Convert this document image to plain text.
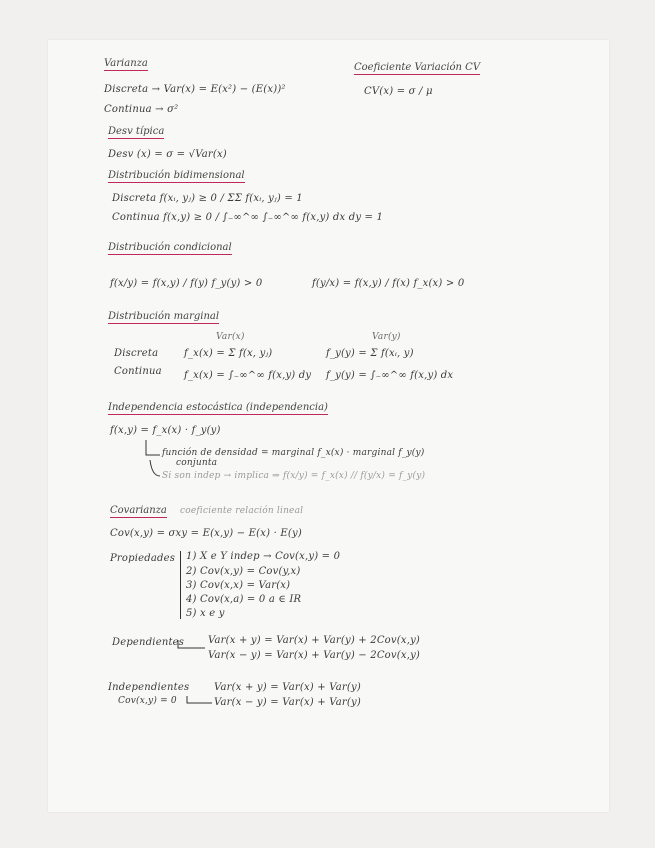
Varianza
Discreta → Var(x) = E(x²) − (E(x))²
Continua → σ²
Coeficiente Variación CV
CV(x) = σ / μ
Desv típica
Desv (x) = σ = √Var(x)
Distribución bidimensional
Discreta f(xᵢ, yⱼ) ≥ 0 / ΣΣ f(xᵢ, yⱼ) = 1
Continua f(x,y) ≥ 0 / ∫₋∞^∞ ∫₋∞^∞ f(x,y) dx dy = 1
Distribución condicional
f(x/y) = f(x,y) / f(y) f_y(y) > 0	f(y/x) = f(x,y) / f(x) f_x(x) > 0
Distribución marginal
Var(x)	Var(y)
Discreta	f_x(x) = Σ f(x, yⱼ)	f_y(y) = Σ f(xᵢ, y)
Continua f_x(x) = ∫₋∞^∞ f(x,y) dy f_y(y) = ∫₋∞^∞ f(x,y) dx
Independencia estocástica (independencia)
f(x,y) = f_x(x) · f_y(y)
función de densidad = marginal f_x(x) · marginal f_y(y)
conjunta
Si son indep → implica ⇒ f(x/y) = f_x(x) // f(y/x) = f_y(y)
Covarianza coeficiente relación lineal
Cov(x,y) = σxy = E(x,y) − E(x) · E(y)
Propiedades 1) X e Y indep → Cov(x,y) = 0
2) Cov(x,y) = Cov(y,x)
3) Cov(x,x) = Var(x)
4) Cov(x,a) = 0 a ∈ IR
5) x e y
Dependientes Var(x + y) = Var(x) + Var(y) + 2Cov(x,y)
Var(x − y) = Var(x) + Var(y) − 2Cov(x,y)
Independientes
Cov(x,y) = 0
Var(x + y) = Var(x) + Var(y)
Var(x − y) = Var(x) + Var(y)
